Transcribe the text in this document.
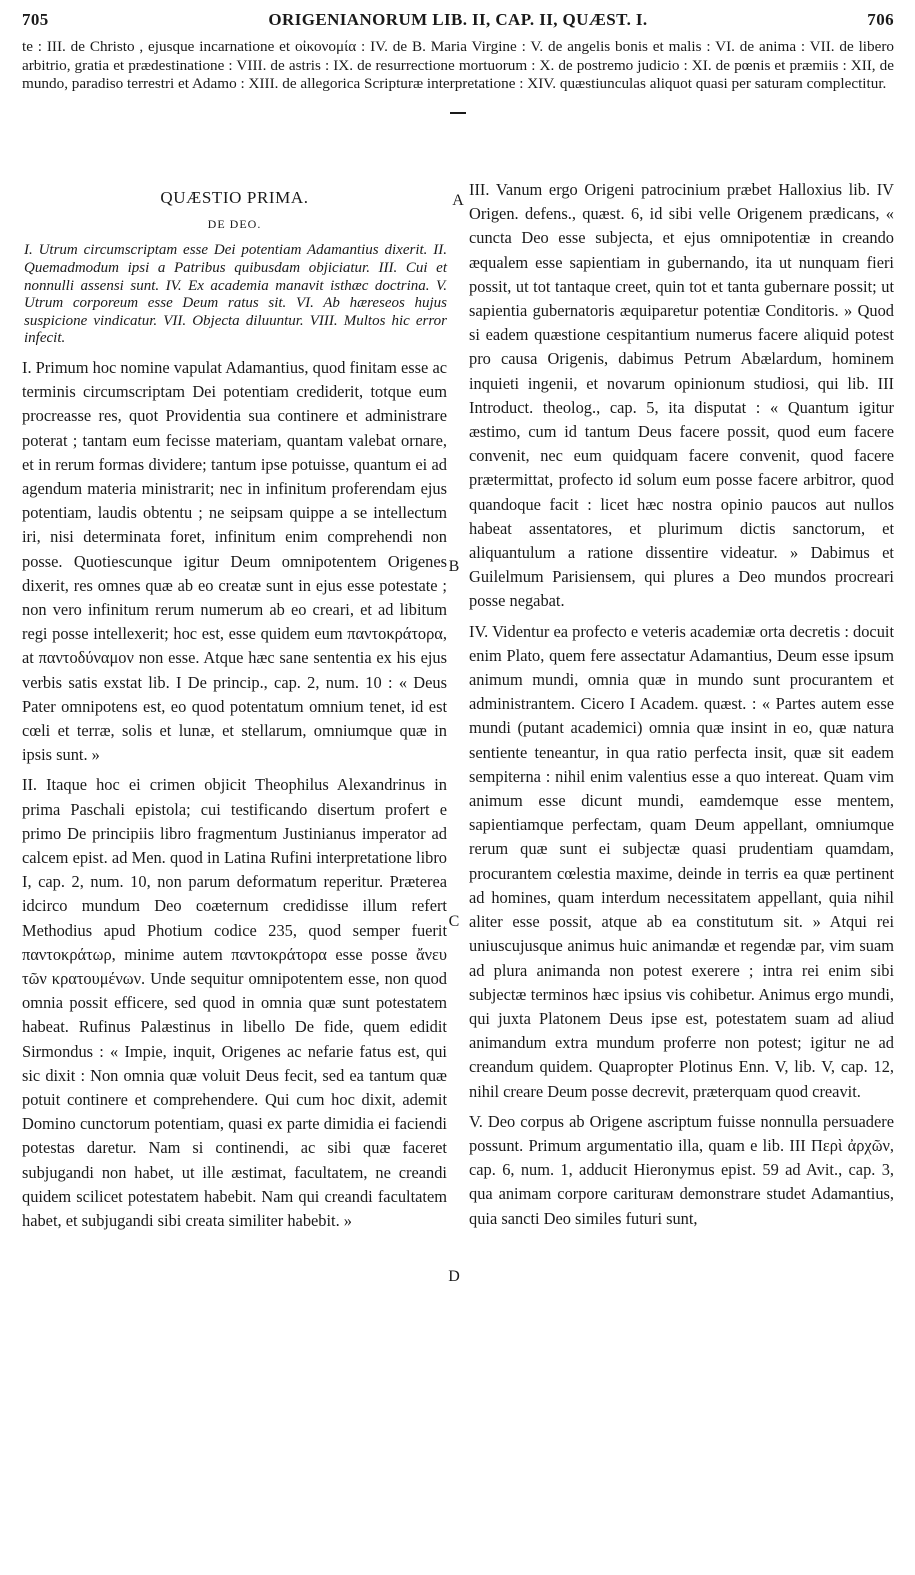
705	ORIGENIANORUM LIB. II, CAP. II, QUÆST. I.	706
te : III. de Christo , ejusque incarnatione et οἰκονομία : IV. de B. Maria Virgine : V. de angelis bonis et malis : VI. de anima : VII. de libero arbitrio, gratia et prædestinatione : VIII. de astris : IX. de resurrectione mortuorum : X. de postremo judicio : XI. de pœnis et præmiis : XII, de mundo, paradiso terrestri et Adamo : XIII. de allegorica Scripturæ interpretatione : XIV. quæstiunculas aliquot quasi per saturam complectitur.
QUÆSTIO PRIMA.
DE DEO.
I. Utrum circumscriptam esse Dei potentiam Adamantius dixerit. II. Quemadmodum ipsi a Patribus quibusdam objiciatur. III. Cui et nonnulli assensi sunt. IV. Ex academia manavit isthæc doctrina. V. Utrum corporeum esse Deum ratus sit. VI. Ab hæreseos hujus suspicione vindicatur. VII. Objecta diluuntur. VIII. Multos hic error infecit.

I. Primum hoc nomine vapulat Adamantius, quod finitam esse ac terminis circumscriptam Dei potentiam crediderit, totque eum procreasse res, quot Providentia sua continere et administrare poterat ; tantam eum fecisse materiam, quantam valebat ornare, et in rerum formas dividere; tantum ipse potuisse, quantum ei ad agendum materia ministrarit; nec in infinitum proferendam ejus potentiam, laudis obtentu ; ne seipsam quippe a se intellectum iri, nisi determinata foret, infinitum enim comprehendi non posse. Quotiescunque igitur Deum omnipotentem Origenes dixerit, res omnes quæ ab eo creatæ sunt in ejus esse potestate ; non vero infinitum rerum numerum ab eo creari, et ad libitum regi posse intellexerit; hoc est, esse quidem eum παντοκράτορα, at παντοδύναμον non esse. Atque hæc sane sententia ex his ejus verbis satis exstat lib. I De princip., cap. 2, num. 10 : « Deus Pater omnipotens est, eo quod potentatum omnium tenet, id est cœli et terræ, solis et lunæ, et stellarum, omniumque quæ in ipsis sunt. »

II. Itaque hoc ei crimen objicit Theophilus Alexandrinus in prima Paschali epistola; cui testificando disertum profert e primo De principiis libro fragmentum Justinianus imperator ad calcem epist. ad Men. quod in Latina Rufini interpretatione libro I, cap. 2, num. 10, non parum deformatum reperitur. Præterea idcirco mundum Deo coæternum credidisse illum refert Methodius apud Photium codice 235, quod semper fuerit παντοκράτωρ, minime autem παντοκράτορα esse posse ἄνευ τῶν κρατουμένων. Unde sequitur omnipotentem esse, non quod omnia possit efficere, sed quod in omnia quæ sunt potestatem habeat. Rufinus Palæstinus in libello De fide, quem edidit Sirmondus : « Impie, inquit, Origenes ac nefarie fatus est, qui sic dixit : Non omnia quæ voluit Deus fecit, sed ea tantum quæ potuit continere et comprehendere. Qui cum hoc dixit, ademit Domino cunctorum potentiam, quasi ex parte dimidia ei faciendi potestas daretur. Nam si continendi, ac sibi quæ faceret subjugandi non habet, ut ille æstimat, facultatem, ne creandi quidem scilicet potestatem habebit. Nam qui creandi facultatem habet, et subjugandi sibi creata similiter habebit. »

III. Vanum ergo Origeni patrocinium præbet Halloxius lib. IV Origen. defens., quæst. 6, id sibi velle Origenem prædicans, « cuncta Deo esse subjecta, et ejus omnipotentiæ in creando æqualem esse sapientiam in gubernando, ita ut nunquam fieri possit, ut tot tantaque creet, quin tot et tanta gubernare possit; ut sapientia gubernatoris æquiparetur potentiæ Conditoris. » Quod si eadem quæstione cespitantium numerus facere aliquid potest pro causa Origenis, dabimus Petrum Abælardum, hominem inquieti ingenii, et novarum opinionum studiosi, qui lib. III Introduct. theolog., cap. 5, ita disputat : « Quantum igitur æstimo, cum id tantum Deus facere possit, quod eum facere convenit, nec eum quidquam facere convenit, quod facere prætermittat, profecto id solum eum posse facere arbitror, quod quandoque facit : licet hæc nostra opinio paucos aut nullos habeat assentatores, et plurimum dictis sanctorum, et aliquantulum a ratione dissentire videatur. » Dabimus et Guilelmum Parisiensem, qui plures a Deo mundos procreari posse negabat.

IV. Videntur ea profecto e veteris academiæ orta decretis : docuit enim Plato, quem fere assectatur Adamantius, Deum esse ipsum animum mundi, omnia quæ in mundo sunt procurantem et administrantem. Cicero I Academ. quæst. : « Partes autem esse mundi (putant academici) omnia quæ insint in eo, quæ natura sentiente teneantur, in qua ratio perfecta insit, quæ sit eadem sempiterna : nihil enim valentius esse a quo intereat. Quam vim animum esse dicunt mundi, eamdemque esse mentem, sapientiamque perfectam, quam Deum appellant, omniumque rerum quæ sunt ei subjectæ quasi prudentiam quamdam, procurantem cœlestia maxime, deinde in terris ea quæ pertinent ad homines, quam interdum necessitatem appellant, quia nihil aliter esse possit, atque ab ea constitutum sit. » Atqui rei uniuscujusque animus huic animandæ et regendæ par, vim suam ad plura animanda non potest exerere ; intra rei enim sibi subjectæ terminos hæc ipsius vis cohibetur. Animus ergo mundi, qui juxta Platonem Deus ipse est, potestatem suam ad aliud animandum extra mundum proferre non potest; igitur ne ad creandum quidem. Quapropter Plotinus Enn. V, lib. V, cap. 12, nihil creare Deum posse decrevit, præterquam quod creavit.

V. Deo corpus ab Origene ascriptum fuisse nonnulla persuadere possunt. Primum argumentatio illa, quam e lib. III Περὶ ἀρχῶν, cap. 6, num. 1, adducit Hieronymus epist. 59 ad Avit., cap. 3, qua animam corpore cariturам demonstrare studet Adamantius, quia sancti Deo similes futuri sunt,

A
B
C
D
